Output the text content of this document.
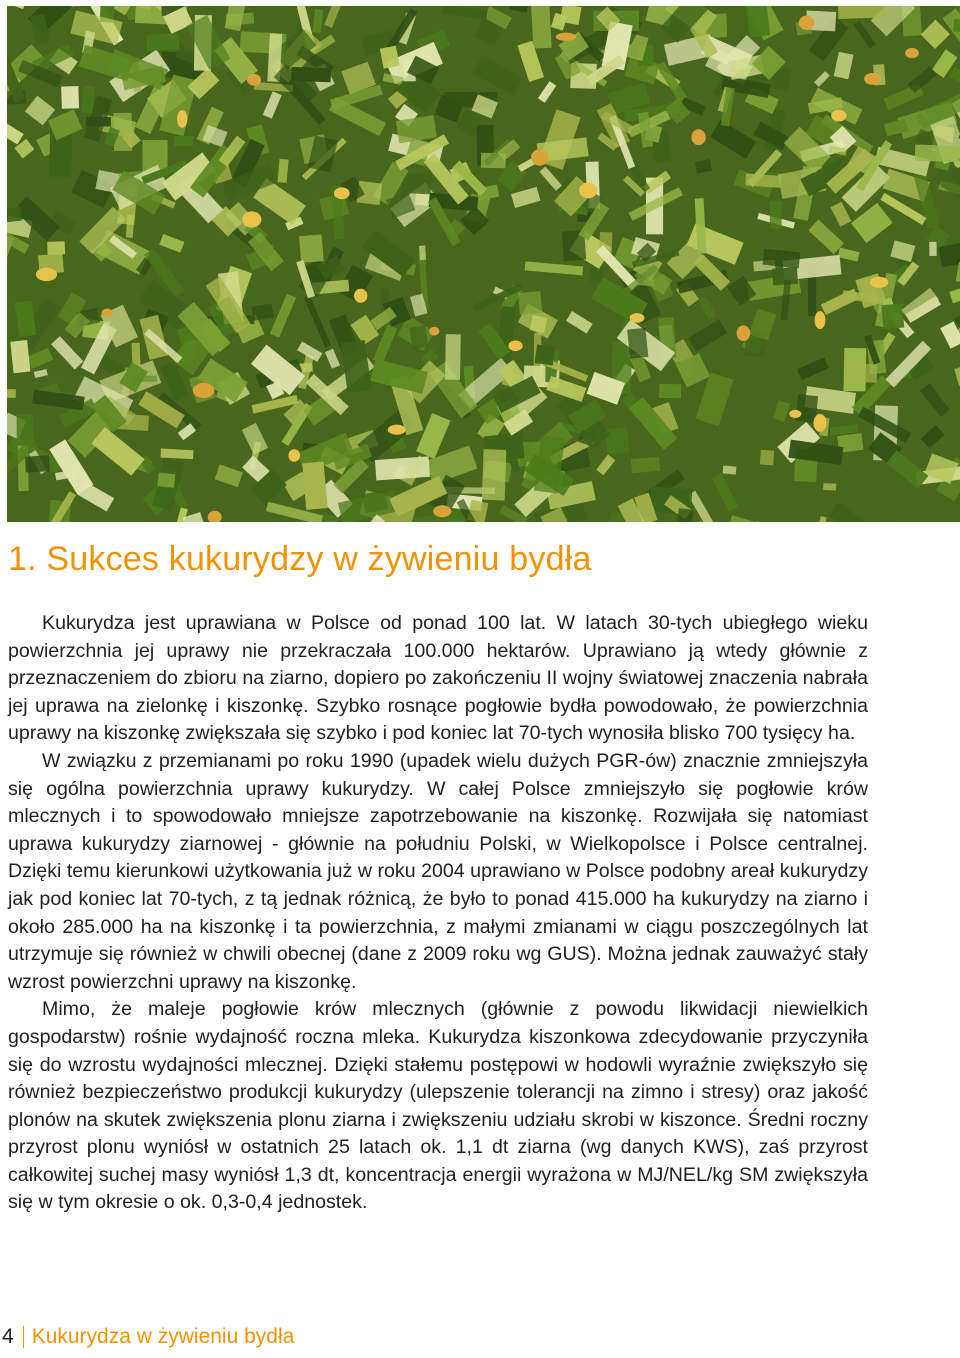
1. Sukces kukurydzy w żywieniu bydła

Kukurydza jest uprawiana w Polsce od ponad 100 lat. W latach 30-tych ubiegłego wieku powierzchnia jej uprawy nie przekraczała 100.000 hektarów. Uprawiano ją wtedy głównie z przeznaczeniem do zbioru na ziarno, dopiero po zakończeniu II wojny światowej znaczenia nabrała jej uprawa na zielonkę i kiszonkę. Szybko rosnące pogłowie bydła powodowało, że powierzchnia uprawy na kiszonkę zwiększała się szybko i pod koniec lat 70-tych wynosiła blisko 700 tysięcy ha.

W związku z przemianami po roku 1990 (upadek wielu dużych PGR-ów) znacznie zmniejszyła się ogólna powierzchnia uprawy kukurydzy. W całej Polsce zmniejszyło się pogłowie krów mlecznych i to spowodowało mniejsze zapotrzebowanie na kiszonkę. Rozwijała się natomiast uprawa kukurydzy ziarnowej - głównie na południu Polski, w Wielkopolsce i Polsce centralnej. Dzięki temu kierunkowi użytkowania już w roku 2004 uprawiano w Polsce podobny areał kukurydzy jak pod koniec lat 70-tych, z tą jednak różnicą, że było to ponad 415.000 ha kukurydzy na ziarno i około 285.000 ha na kiszonkę i ta powierzchnia, z małymi zmianami w ciągu poszczególnych lat utrzymuje się również w chwili obecnej (dane z 2009 roku wg GUS). Można jednak zauważyć stały wzrost powierzchni uprawy na kiszonkę.

Mimo, że maleje pogłowie krów mlecznych (głównie z powodu likwidacji niewielkich gospodarstw) rośnie wydajność roczna mleka. Kukurydza kiszonkowa zdecydowanie przyczyniła się do wzrostu wydajności mlecznej. Dzięki stałemu postępowi w hodowli wyraźnie zwiększyło się również bezpieczeństwo produkcji kukurydzy (ulepszenie tolerancji na zimno i stresy) oraz jakość plonów na skutek zwiększenia plonu ziarna i zwiększeniu udziału skrobi w kiszonce. Średni roczny przyrost plonu wyniósł w ostatnich 25 latach ok. 1,1 dt ziarna (wg danych KWS), zaś przyrost całkowitej suchej masy wyniósł 1,3 dt, koncentracja energii wyrażona w MJ/NEL/kg SM zwiększyła się w tym okresie o ok. 0,3-0,4 jednostek.

4 Kukurydza w żywieniu bydła
